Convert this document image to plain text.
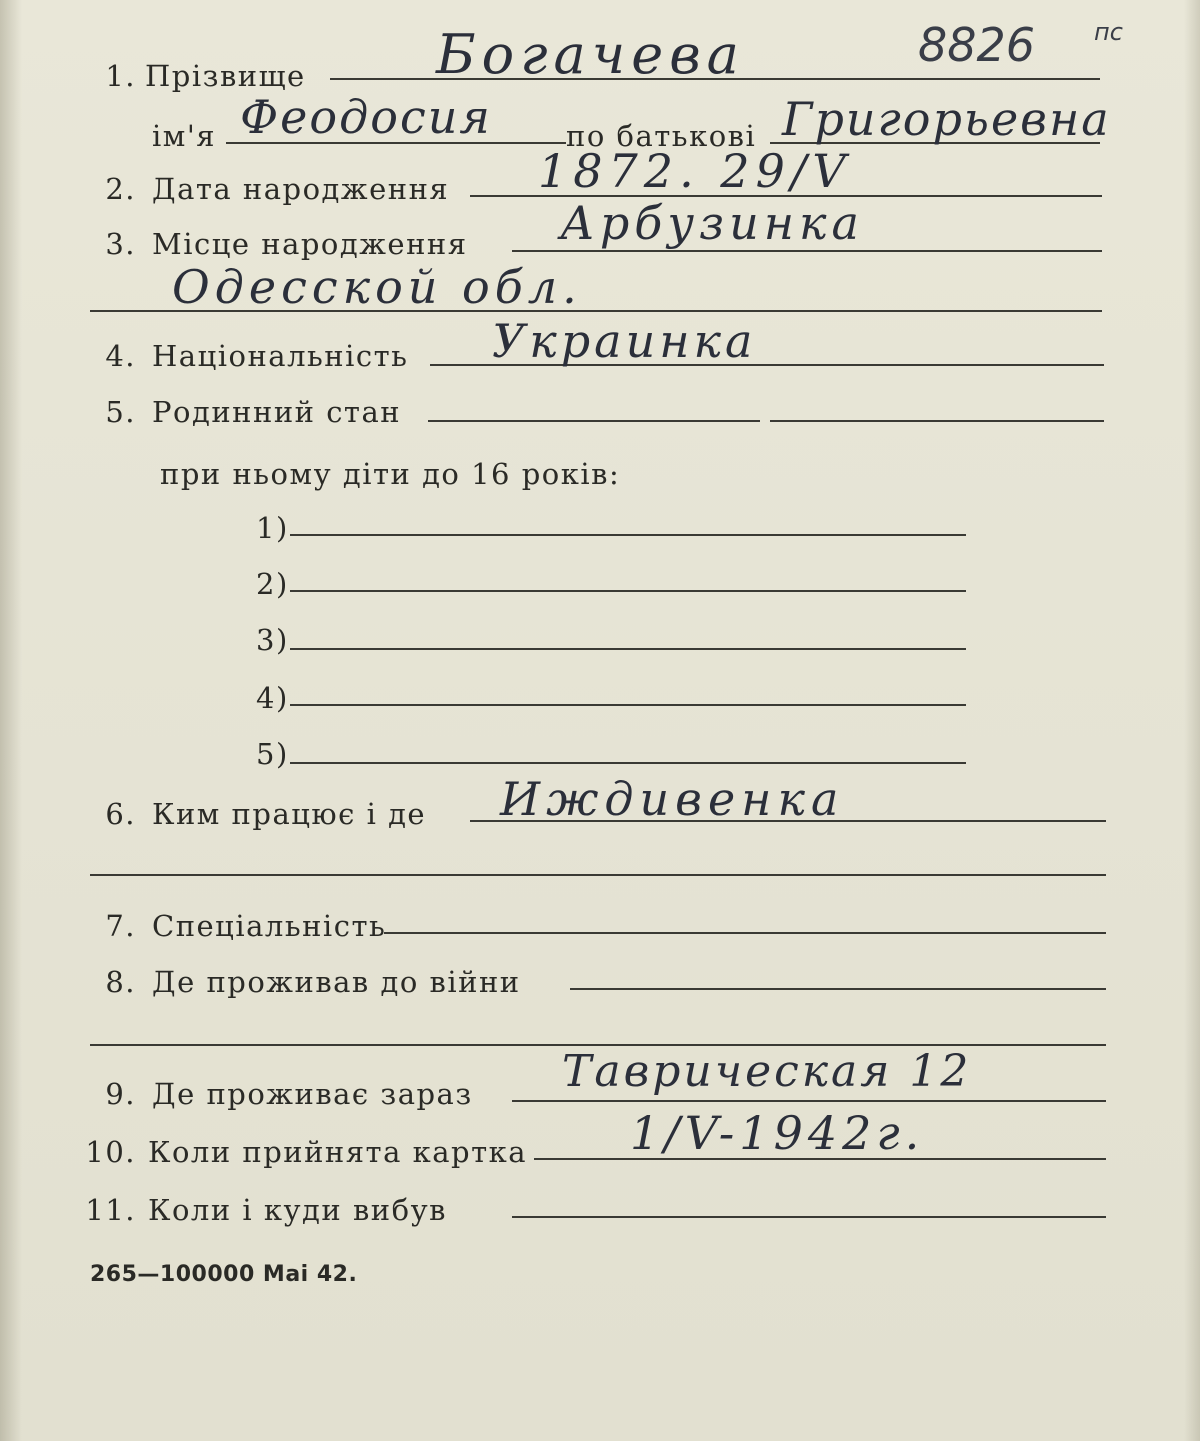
8826 пс
1. Прізвище Богачева
ім'я Феодосия	по батькові Григорьевна
2. Дата народження 1872. 29/V
3. Місце народження Арбузинка
Одесской обл.
4. Національність Украинка
5. Родинний стан
при ньому діти до 16 років:
1)
2)
3)
4)
5)
6. Ким працює і де Иждивенка
7. Спеціальність
8. Де проживав до війни
9. Де проживає зараз Таврическая 12
10. Коли прийнята картка 1/V-1942г.
11. Коли і куди вибув
265—100000 Mai 42.
